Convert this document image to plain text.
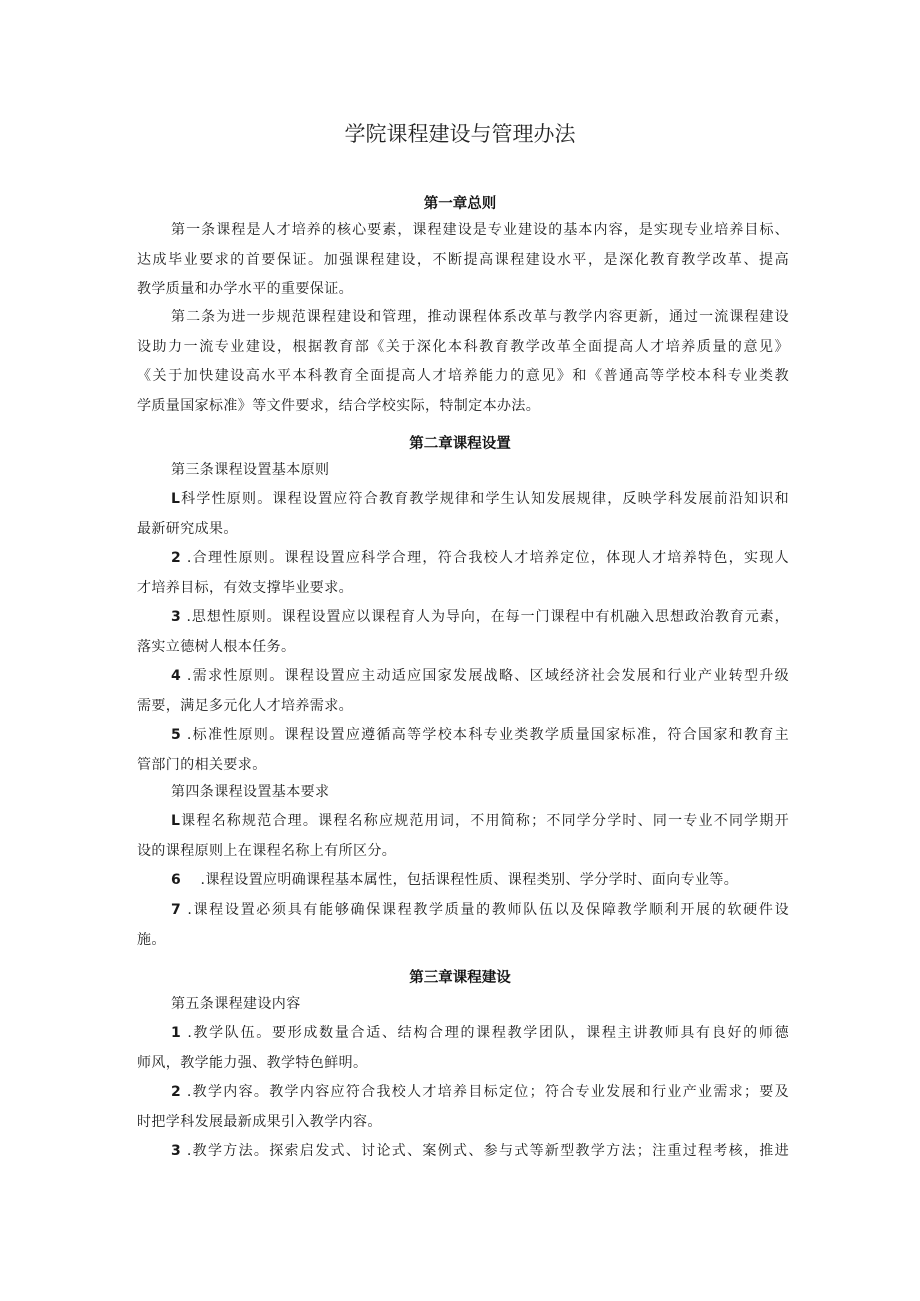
学院课程建设与管理办法
第一章总则
第一条课程是人才培养的核心要素，课程建设是专业建设的基本内容，是实现专业培养目标、
达成毕业要求的首要保证。加强课程建设，不断提高课程建设水平，是深化教育教学改革、提高
教学质量和办学水平的重要保证。
第二条为进一步规范课程建设和管理，推动课程体系改革与教学内容更新，通过一流课程建设
设助力一流专业建设，根据教育部《关于深化本科教育教学改革全面提高人才培养质量的意见》
《关于加快建设高水平本科教育全面提高人才培养能力的意见》和《普通高等学校本科专业类教
学质量国家标准》等文件要求，结合学校实际，特制定本办法。
第二章课程设置
第三条课程设置基本原则
L科学性原则。课程设置应符合教育教学规律和学生认知发展规律，反映学科发展前沿知识和
最新研究成果。
2 .合理性原则。课程设置应科学合理，符合我校人才培养定位，体现人才培养特色，实现人
才培养目标，有效支撑毕业要求。
3 .思想性原则。课程设置应以课程育人为导向，在每一门课程中有机融入思想政治教育元素，
落实立德树人根本任务。
4 .需求性原则。课程设置应主动适应国家发展战略、区域经济社会发展和行业产业转型升级
需要，满足多元化人才培养需求。
5 .标准性原则。课程设置应遵循高等学校本科专业类教学质量国家标准，符合国家和教育主
管部门的相关要求。
第四条课程设置基本要求
L课程名称规范合理。课程名称应规范用词，不用简称；不同学分学时、同一专业不同学期开
设的课程原则上在课程名称上有所区分。
6    .课程设置应明确课程基本属性，包括课程性质、课程类别、学分学时、面向专业等。
7 .课程设置必须具有能够确保课程教学质量的教师队伍以及保障教学顺利开展的软硬件设
施。
第三章课程建设
第五条课程建设内容
1 .教学队伍。要形成数量合适、结构合理的课程教学团队，课程主讲教师具有良好的师德
师风，教学能力强、教学特色鲜明。
2 .教学内容。教学内容应符合我校人才培养目标定位；符合专业发展和行业产业需求；要及
时把学科发展最新成果引入教学内容。
3 .教学方法。探索启发式、讨论式、案例式、参与式等新型教学方法；注重过程考核，推进
